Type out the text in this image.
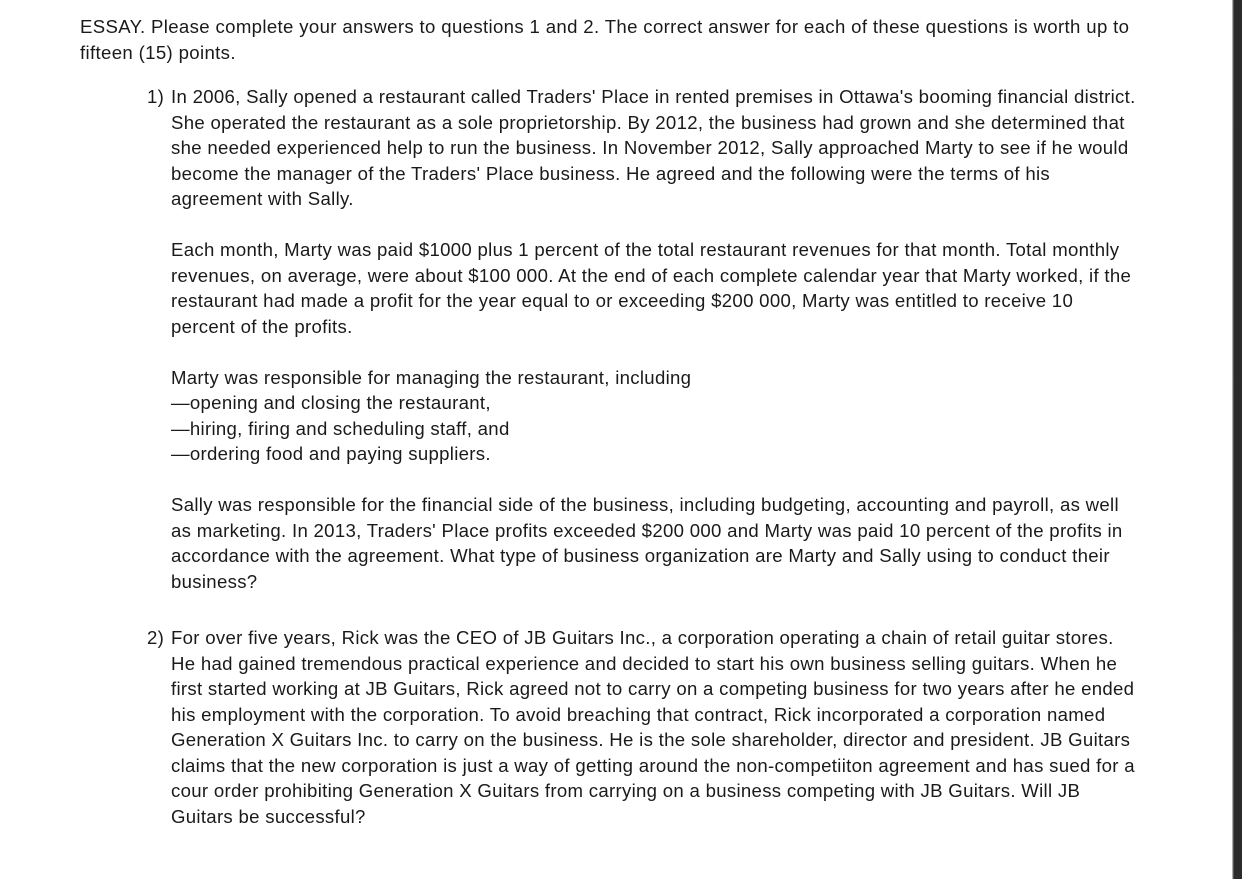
ESSAY. Please complete your answers to questions 1 and 2. The correct answer for each of these questions is worth up to fifteen (15) points.

1) In 2006, Sally opened a restaurant called Traders' Place in rented premises in Ottawa's booming financial district. She operated the restaurant as a sole proprietorship. By 2012, the business had grown and she determined that she needed experienced help to run the business. In November 2012, Sally approached Marty to see if he would become the manager of the Traders' Place business. He agreed and the following were the terms of his agreement with Sally.

Each month, Marty was paid $1000 plus 1 percent of the total restaurant revenues for that month. Total monthly revenues, on average, were about $100 000. At the end of each complete calendar year that Marty worked, if the restaurant had made a profit for the year equal to or exceeding $200 000, Marty was entitled to receive 10 percent of the profits.

Marty was responsible for managing the restaurant, including

—opening and closing the restaurant,
—hiring, firing and scheduling staff, and
—ordering food and paying suppliers.

Sally was responsible for the financial side of the business, including budgeting, accounting and payroll, as well as marketing. In 2013, Traders' Place profits exceeded $200 000 and Marty was paid 10 percent of the profits in accordance with the agreement. What type of business organization are Marty and Sally using to conduct their business?

2) For over five years, Rick was the CEO of JB Guitars Inc., a corporation operating a chain of retail guitar stores. He had gained tremendous practical experience and decided to start his own business selling guitars. When he first started working at JB Guitars, Rick agreed not to carry on a competing business for two years after he ended his employment with the corporation. To avoid breaching that contract, Rick incorporated a corporation named Generation X Guitars Inc. to carry on the business. He is the sole shareholder, director and president. JB Guitars claims that the new corporation is just a way of getting around the non-competiiton agreement and has sued for a cour order prohibiting Generation X Guitars from carrying on a business competing with JB Guitars. Will JB Guitars be successful?
